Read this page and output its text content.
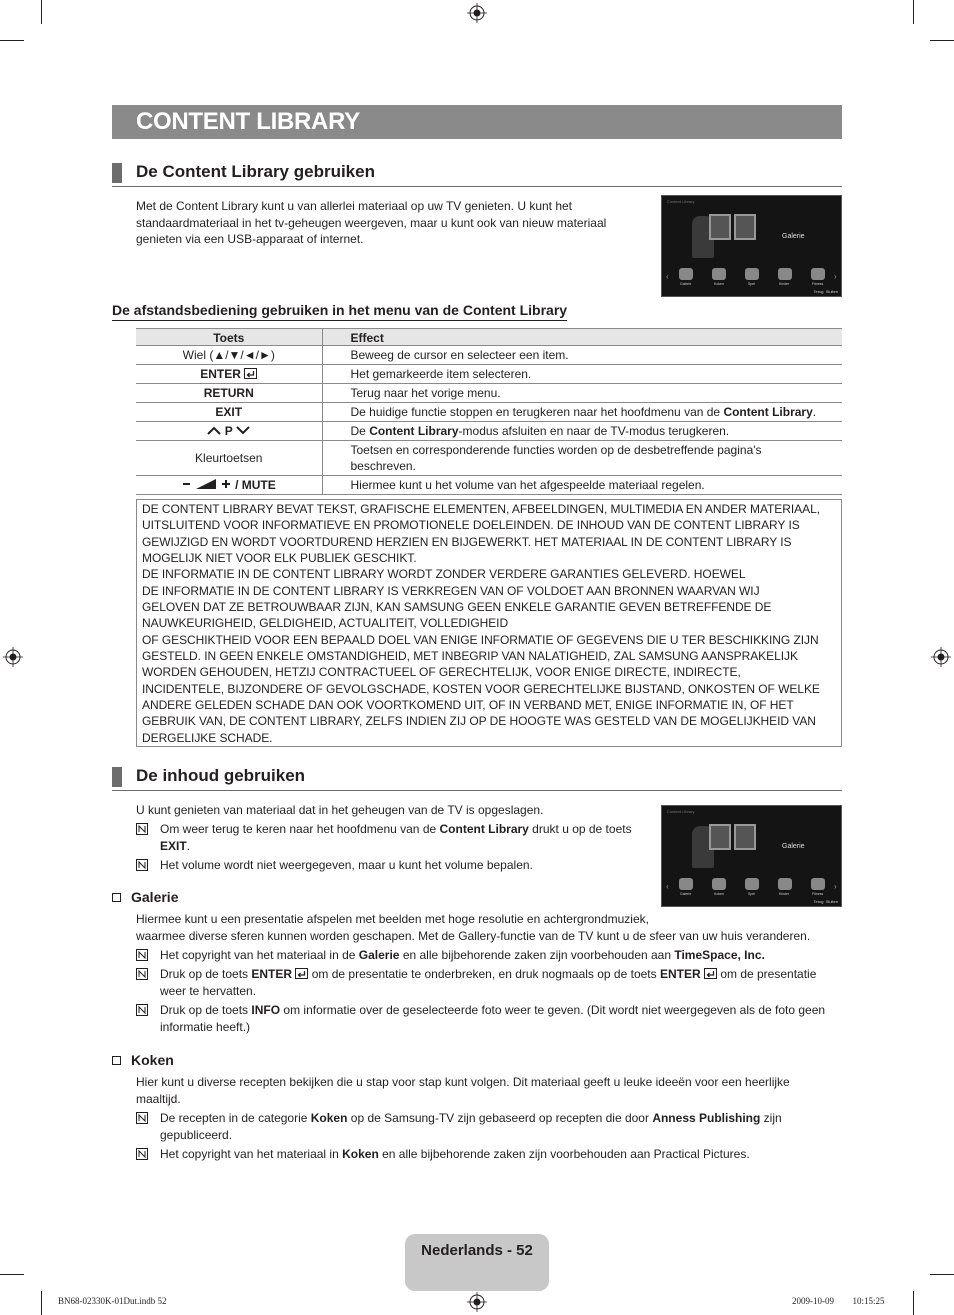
CONTENT LIBRARY
De Content Library gebruiken
Met de Content Library kunt u van allerlei materiaal op uw TV genieten. U kunt het
standaardmateriaal in het tv-geheugen weergeven, maar u kunt ook van nieuw materiaal
genieten via een USB-apparaat of internet.
Content Library
Galerie
‹	›
Galerie	Koken	Spel	Kinder	Fitness
Terug Sluiten
De afstandsbediening gebruiken in het menu van de Content Library
Toets	Effect
Wiel (▲/▼/◄/►)	Beweeg de cursor en selecteer een item.
ENTER	Het gemarkeerde item selecteren.
RETURN	Terug naar het vorige menu.
EXIT	De huidige functie stoppen en terugkeren naar het hoofdmenu van de Content Library.
P	De Content Library-modus afsluiten en naar de TV-modus terugkeren.
Kleurtoetsen	Toetsen en corresponderende functies worden op de desbetreffende pagina's
beschreven.

/ MUTE	Hiermee kunt u het volume van het afgespeelde materiaal regelen.
DE CONTENT LIBRARY BEVAT TEKST, GRAFISCHE ELEMENTEN, AFBEELDINGEN, MULTIMEDIA EN ANDER MATERIAAL,
UITSLUITEND VOOR INFORMATIEVE EN PROMOTIONELE DOELEINDEN. DE INHOUD VAN DE CONTENT LIBRARY IS
GEWIJZIGD EN WORDT VOORTDUREND HERZIEN EN BIJGEWERKT. HET MATERIAAL IN DE CONTENT LIBRARY IS
MOGELIJK NIET VOOR ELK PUBLIEK GESCHIKT.
DE INFORMATIE IN DE CONTENT LIBRARY WORDT ZONDER VERDERE GARANTIES GELEVERD. HOEWEL
DE INFORMATIE IN DE CONTENT LIBRARY IS VERKREGEN VAN OF VOLDOET AAN BRONNEN WAARVAN WIJ
GELOVEN DAT ZE BETROUWBAAR ZIJN, KAN SAMSUNG GEEN ENKELE GARANTIE GEVEN BETREFFENDE DE
NAUWKEURIGHEID, GELDIGHEID, ACTUALITEIT, VOLLEDIGHEID
OF GESCHIKTHEID VOOR EEN BEPAALD DOEL VAN ENIGE INFORMATIE OF GEGEVENS DIE U TER BESCHIKKING ZIJN
GESTELD. IN GEEN ENKELE OMSTANDIGHEID, MET INBEGRIP VAN NALATIGHEID, ZAL SAMSUNG AANSPRAKELIJK
WORDEN GEHOUDEN, HETZIJ CONTRACTUEEL OF GERECHTELIJK, VOOR ENIGE DIRECTE, INDIRECTE,
INCIDENTELE, BIJZONDERE OF GEVOLGSCHADE, KOSTEN VOOR GERECHTELIJKE BIJSTAND, ONKOSTEN OF WELKE
ANDERE GELEDEN SCHADE DAN OOK VOORTKOMEND UIT, OF IN VERBAND MET, ENIGE INFORMATIE IN, OF HET
GEBRUIK VAN, DE CONTENT LIBRARY, ZELFS INDIEN ZIJ OP DE HOOGTE WAS GESTELD VAN DE MOGELIJKHEID VAN
DERGELIJKE SCHADE.
De inhoud gebruiken
U kunt genieten van materiaal dat in het geheugen van de TV is opgeslagen.
Om weer terug te keren naar het hoofdmenu van de Content Library drukt u op de toets
EXIT.
Het volume wordt niet weergegeven, maar u kunt het volume bepalen.
Content Library
Galerie
‹	›
Galerie	Koken	Spel	Kinder	Fitness
Terug Sluiten
Galerie
Hiermee kunt u een presentatie afspelen met beelden met hoge resolutie en achtergrondmuziek,
waarmee diverse sferen kunnen worden geschapen. Met de Gallery-functie van de TV kunt u de sfeer van uw huis veranderen.
Het copyright van het materiaal in de Galerie en alle bijbehorende zaken zijn voorbehouden aan TimeSpace, Inc.
Druk op de toets ENTER  om de presentatie te onderbreken, en druk nogmaals op de toets ENTER  om de presentatie
weer te hervatten.
Druk op de toets INFO om informatie over de geselecteerde foto weer te geven. (Dit wordt niet weergegeven als de foto geen
informatie heeft.)
Koken
Hier kunt u diverse recepten bekijken die u stap voor stap kunt volgen. Dit materiaal geeft u leuke ideeën voor een heerlijke
maaltijd.
De recepten in de categorie Koken op de Samsung-TV zijn gebaseerd op recepten die door Anness Publishing zijn
gepubliceerd.
Het copyright van het materiaal in Koken en alle bijbehorende zaken zijn voorbehouden aan Practical Pictures.
Nederlands - 52
BN68-02330K-01Dut.indb 52	2009-10-09 ￿￿ 10:15:25
